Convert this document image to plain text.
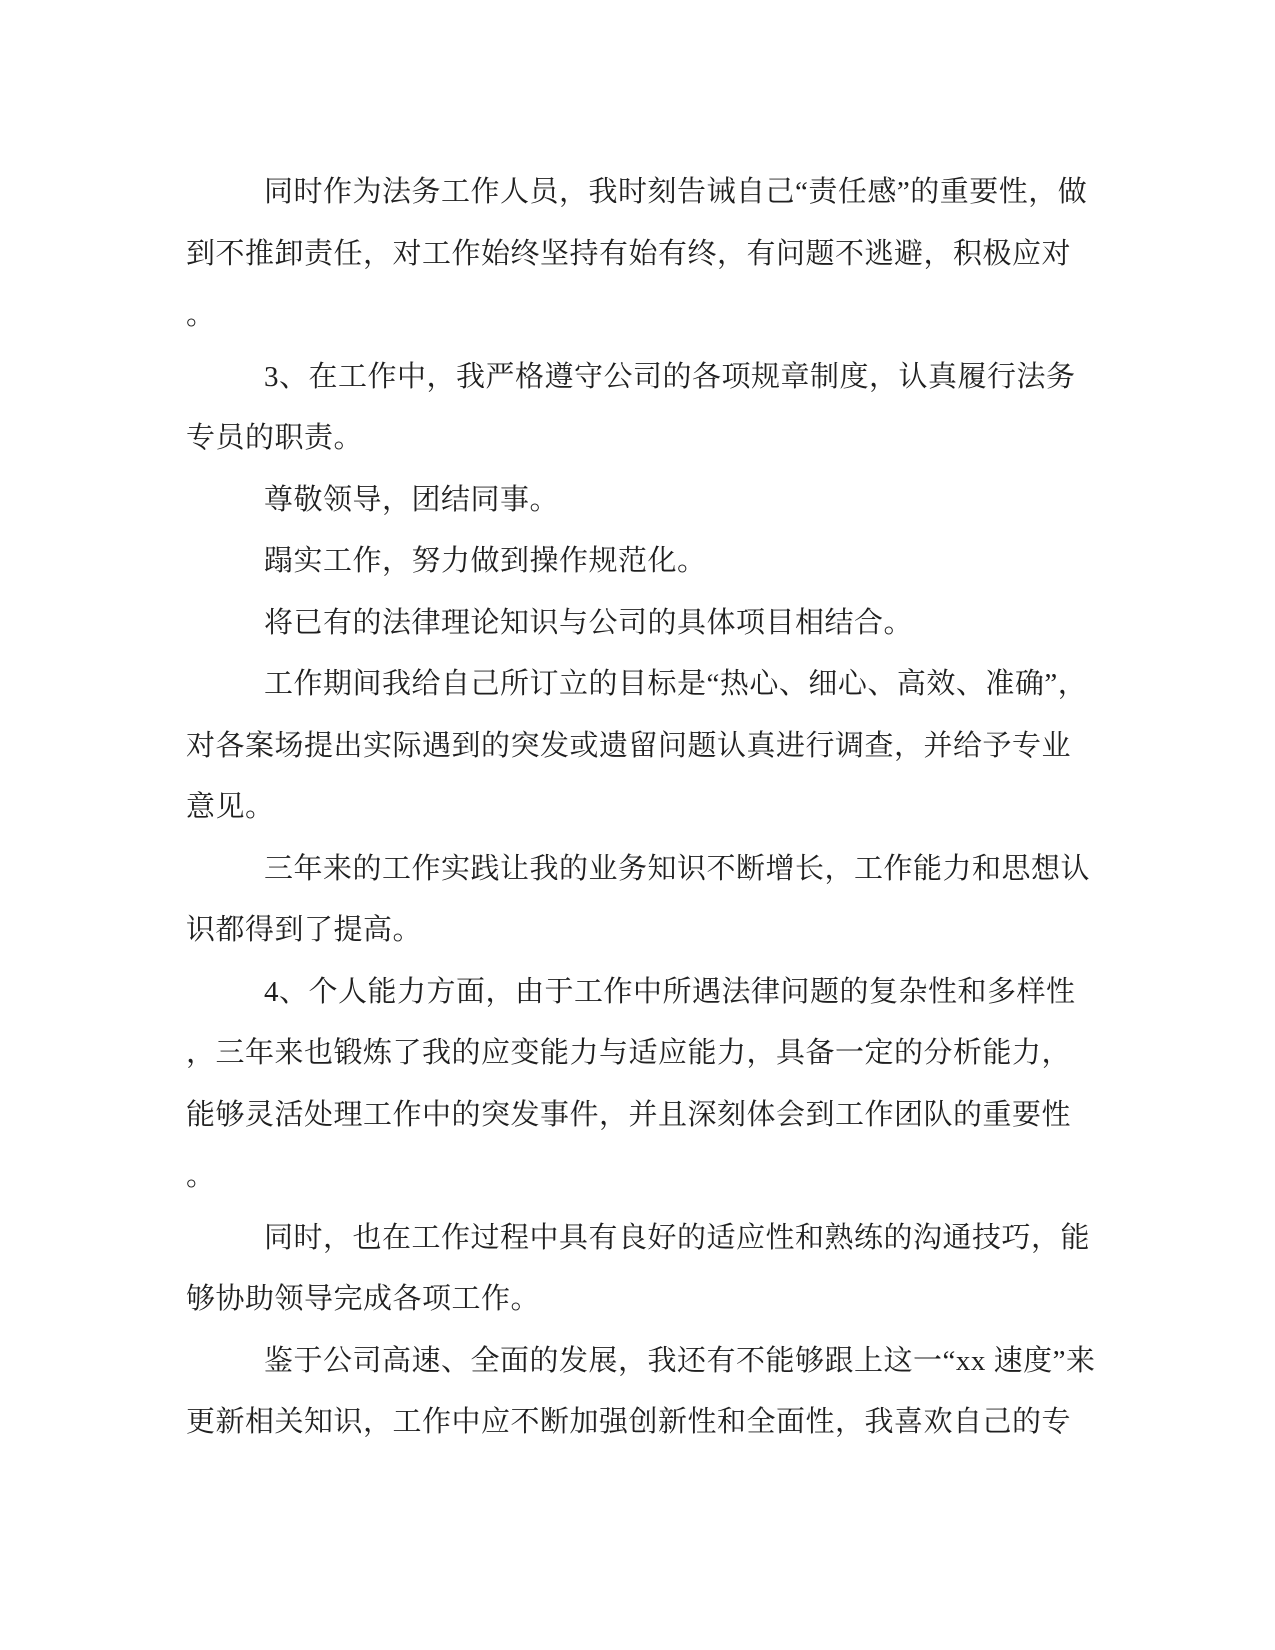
同时作为法务工作人员，我时刻告诫自己“责任感”的重要性，做
到不推卸责任，对工作始终坚持有始有终，有问题不逃避，积极应对
。
3、在工作中，我严格遵守公司的各项规章制度，认真履行法务
专员的职责。
尊敬领导，团结同事。
蹋实工作，努力做到操作规范化。
将已有的法律理论知识与公司的具体项目相结合。
工作期间我给自己所订立的目标是“热心、细心、高效、准确”，
对各案场提出实际遇到的突发或遗留问题认真进行调查，并给予专业
意见。
三年来的工作实践让我的业务知识不断增长，工作能力和思想认
识都得到了提高。
4、个人能力方面，由于工作中所遇法律问题的复杂性和多样性
，三年来也锻炼了我的应变能力与适应能力，具备一定的分析能力，
能够灵活处理工作中的突发事件，并且深刻体会到工作团队的重要性
。
同时，也在工作过程中具有良好的适应性和熟练的沟通技巧，能
够协助领导完成各项工作。
鉴于公司高速、全面的发展，我还有不能够跟上这一“xx 速度”来
更新相关知识，工作中应不断加强创新性和全面性，我喜欢自己的专
